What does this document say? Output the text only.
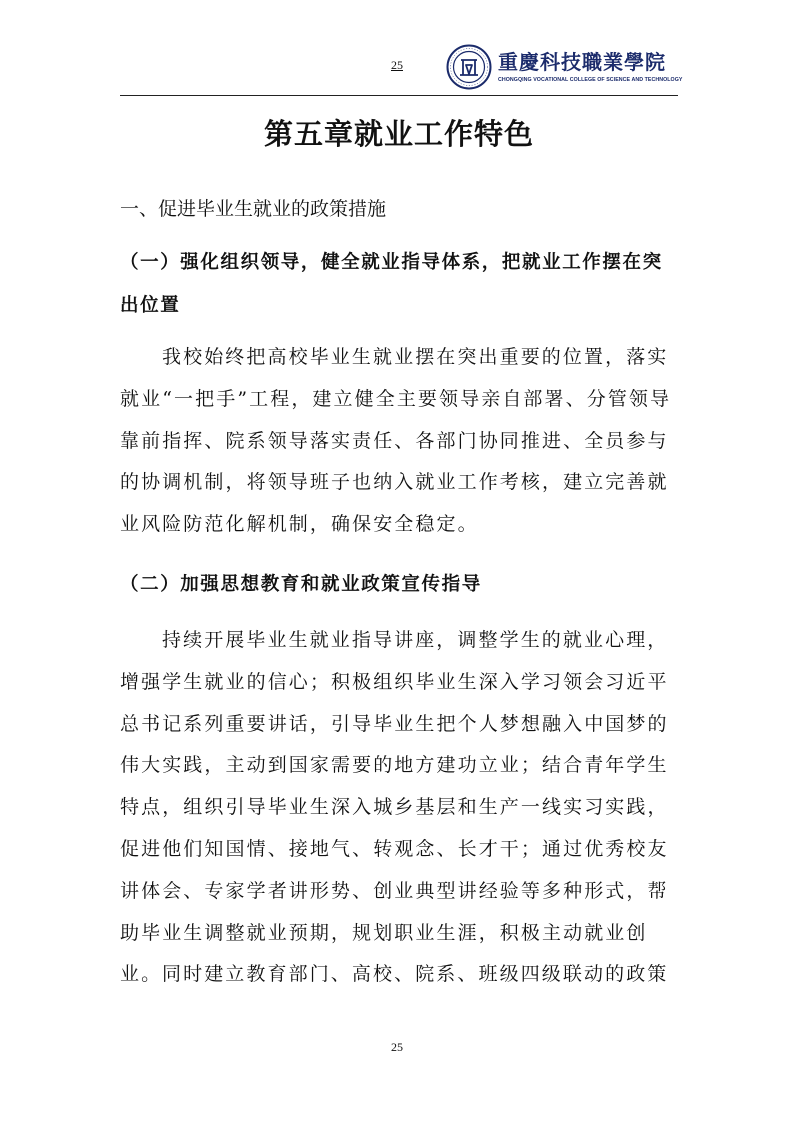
25	重慶科技職業學院
CHONGQING VOCATIONAL COLLEGE OF SCIENCE AND TECHNOLOGY
第五章就业工作特色
一、促进毕业生就业的政策措施
（一）强化组织领导，健全就业指导体系，把就业工作摆在突出位置

我校始终把高校毕业生就业摆在突出重要的位置，落实就业“一把手”工程，建立健全主要领导亲自部署、分管领导靠前指挥、院系领导落实责任、各部门协同推进、全员参与的协调机制，将领导班子也纳入就业工作考核，建立完善就业风险防范化解机制，确保安全稳定。

（二）加强思想教育和就业政策宣传指导

持续开展毕业生就业指导讲座，调整学生的就业心理，增强学生就业的信心；积极组织毕业生深入学习领会习近平总书记系列重要讲话，引导毕业生把个人梦想融入中国梦的伟大实践，主动到国家需要的地方建功立业；结合青年学生特点，组织引导毕业生深入城乡基层和生产一线实习实践，促进他们知国情、接地气、转观念、长才干；通过优秀校友讲体会、专家学者讲形势、创业典型讲经验等多种形式，帮助毕业生调整就业预期，规划职业生涯，积极主动就业创业。 同时建立教育部门、高校、院系、班级四级联动的政策

25
